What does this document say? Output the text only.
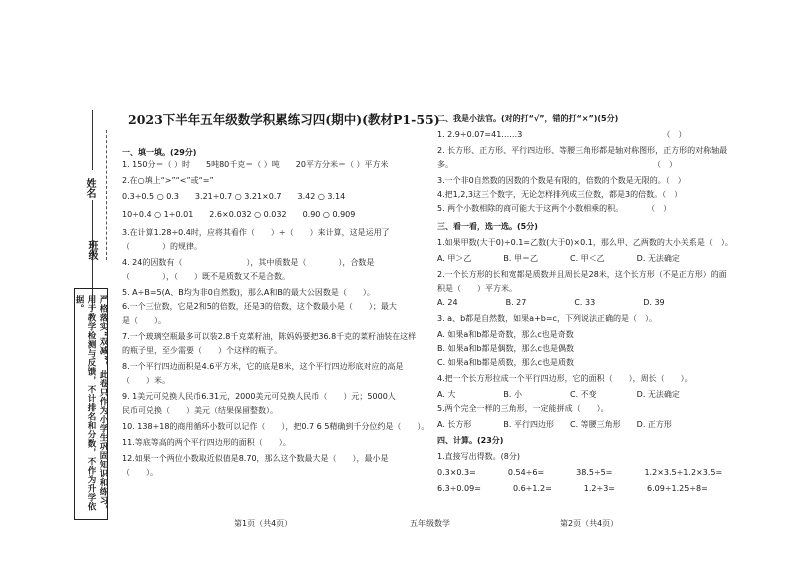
姓名
班级
严格落实“双减”，此卷只作为小学生巩固知识和练习，用于教学检测与反馈，不计排名和分数，不作为升学依据。
2023下半年五年级数学积累练习四(期中)(教材P1-55)
一、填一填。(29分)
1. 150分＝（ ）时　　5吨80千克＝（ ）吨　　20平方分米＝（ ）平方米
2.在○填上“>”“<”或“=”
0.3÷0.5 ○ 0.3　　3.21÷0.7 ○ 3.21×0.7　　3.42 ○ 3.14
10÷0.4 ○ 1÷0.01　　2.6×0.032 ○ 0.032　　0.90 ○ 0.909
3.在计算1.28÷0.4时，应将其看作（　　）÷（　　）来计算，这是运用了
（　　　　）的规律。
4. 24的因数有（　　　　　　　　），其中质数是（　　　　），合数是
（　　　　），（　　）既不是质数又不是合数。
5. A÷B=5(A、B均为非0自然数)，那么A和B的最大公因数是（　　）。
6.一个三位数，它是2和5的倍数，还是3的倍数，这个数最小是（　　）；最大
是（　　）。
7.一个玻璃空瓶最多可以装2.8千克菜籽油，陈妈妈要把36.8千克的菜籽油装在这样
的瓶子里，至少需要（　　）个这样的瓶子。
8.一个平行四边面积是4.6平方米，它的底是8米，这个平行四边形底对应的高是
（　　）米。
9. 1美元可兑换人民币6.31元，2000美元可兑换人民币（　　）元；5000人
民币可兑换（　　）美元（结果保留整数）。
10. 138÷18的商用循环小数可以记作（　　），把0.7 6 5精确到千分位约是（　　）。
11.等底等高的两个平行四边形的面积（　　）。
12.如果一个两位小数取近似值是8.70，那么这个数最大是（　　），最小是
（　　）。
二、我是小法官。(对的打“√”，错的打“×”)(5分)
1. 2.9÷0.07=41……3　　　　　　　　　　　　　　　　　　（　）
2. 长方形、正方形、平行四边形、等腰三角形都是轴对称图形，正方形的对称轴最
多。　　　　　　　　　　　　　　　　　　　　　　　　　　（　）
3.一个非0自然数的因数的个数是有限的，倍数的个数是无限的。（　）
4.把1,2,3这三个数字，无论怎样排列成三位数，都是3的倍数。（　）
5. 两个小数相除的商可能大于这两个小数相乘的积。　　　　（　）
三、看一看，选一选。(5分)
1.如果甲数(大于0)÷0.1=乙数(大于0)×0.1，那么甲、乙两数的大小关系是（　）。
A. 甲＞乙　　　　B. 甲＝乙　　　　C. 甲＜乙　　　　D. 无法确定
2.一个长方形的长和宽都是质数并且周长是28米，这个长方形（不是正方形）的面
积是（　　）平方米。
A. 24　　　　　　B. 27　　　　　　C. 33　　　　　　D. 39
3. a、b都是自然数，如果a+b=c，下列说法正确的是（　）。
A. 如果a和b都是奇数，那么c也是奇数
B. 如果a和b都是偶数，那么c也是偶数
C. 如果a和b都是质数，那么c也是质数
4.把一个长方形拉成一个平行四边形，它的面积（　　），周长（　　）。
A. 大　　　　　　B. 小　　　　　　C. 不变　　　　　D. 无法确定
5.两个完全一样的三角形，一定能拼成（　　）。
A. 长方形　　　　B. 平行四边形　　C. 等腰三角形　　D. 正方形
四、计算。(23分)
1.直接写出得数。(8分)
0.3×0.3=　　　　0.54÷6=　　　　38.5÷5=　　　　1.2×3.5÷1.2×3.5=
6.3÷0.09=　　　　0.6÷1.2=　　　　1.2÷3=　　　　6.09÷1.25÷8=
第1页（共4页）	五年级数学	第2页（共4页）
